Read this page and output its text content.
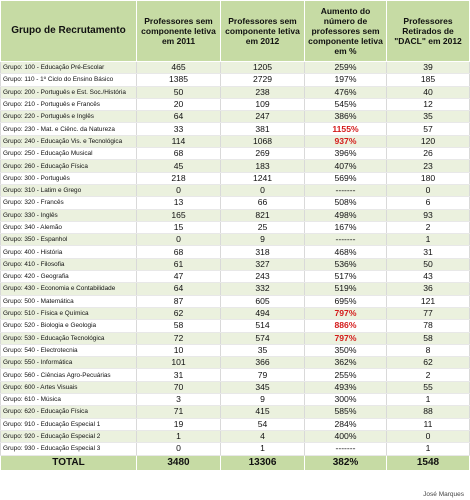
Grupo de Recrutamento	Professores sem componente letiva em 2011	Professores sem componente letiva em 2012	Aumento do número de professores sem componente letiva em %	Professores Retirados de "DACL" em 2012
Grupo: 100 - Educação Pré-Escolar	465	1205	259%	39
Grupo: 110 - 1º Ciclo do Ensino Básico	1385	2729	197%	185
Grupo: 200 - Português e Est. Soc./História	50	238	476%	40
Grupo: 210 - Português e Francês	20	109	545%	12
Grupo: 220 - Português e Inglês	64	247	386%	35
Grupo: 230 - Mat. e Ciênc. da Natureza	33	381	1155%	57
Grupo: 240 - Educação Vis. e Tecnológica	114	1068	937%	120
Grupo: 250 - Educação Musical	68	269	396%	26
Grupo: 260 - Educação Física	45	183	407%	23
Grupo: 300 - Português	218	1241	569%	180
Grupo: 310 - Latim e Grego	0	0	-------	0
Grupo: 320 - Francês	13	66	508%	6
Grupo: 330 - Inglês	165	821	498%	93
Grupo: 340 - Alemão	15	25	167%	2
Grupo: 350 - Espanhol	0	9	-------	1
Grupo: 400 - História	68	318	468%	31
Grupo: 410 - Filosofia	61	327	536%	50
Grupo: 420 - Geografia	47	243	517%	43
Grupo: 430 - Economia e Contabilidade	64	332	519%	36
Grupo: 500 - Matemática	87	605	695%	121
Grupo: 510 - Física e Química	62	494	797%	77
Grupo: 520 - Biologia e Geologia	58	514	886%	78
Grupo: 530 - Educação Tecnológica	72	574	797%	58
Grupo: 540 - Electrotecnia	10	35	350%	8
Grupo: 550 - Informática	101	366	362%	62
Grupo: 560 - Ciências Agro-Pecuárias	31	79	255%	2
Grupo: 600 - Artes Visuais	70	345	493%	55
Grupo: 610 - Música	3	9	300%	1
Grupo: 620 - Educação Física	71	415	585%	88
Grupo: 910 - Educação Especial 1	19	54	284%	11
Grupo: 920 - Educação Especial 2	1	4	400%	0
Grupo: 930 - Educação Especial 3	0	1	-------	1
TOTAL	3480	13306	382%	1548
José Marques
